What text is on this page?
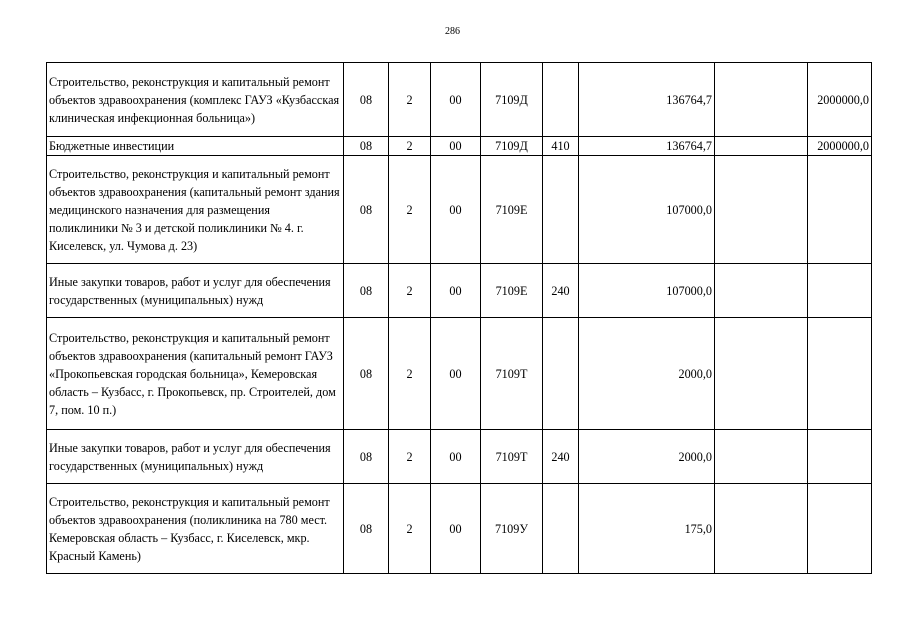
286
Строительство, реконструкция и капитальный ремонт объектов здравоохранения (комплекс ГАУЗ «Кузбасская клиническая инфекционная больница»)	08	2	00	7109Д		136764,7		2000000,0
Бюджетные инвестиции	08	2	00	7109Д	410	136764,7		2000000,0
Строительство, реконструкция и капитальный ремонт объектов здравоохранения (капитальный ремонт здания медицинского назначения для размещения поликлиники № 3 и детской поликлиники № 4. г. Киселевск, ул. Чумова д. 23)	08	2	00	7109Е		107000,0		
Иные закупки товаров, работ и услуг для обеспечения государственных (муниципальных) нужд	08	2	00	7109Е	240	107000,0		
Строительство, реконструкция и капитальный ремонт объектов здравоохранения (капитальный ремонт ГАУЗ «Прокопьевская городская больница», Кемеровская область – Кузбасс, г. Прокопьевск, пр. Строителей, дом 7, пом. 10 п.)	08	2	00	7109Т		2000,0		
Иные закупки товаров, работ и услуг для обеспечения государственных (муниципальных) нужд	08	2	00	7109Т	240	2000,0		
Строительство, реконструкция и капитальный ремонт объектов здравоохранения (поликлиника на 780 мест. Кемеровская область – Кузбасс, г. Киселевск, мкр. Красный Камень)	08	2	00	7109У		175,0		
